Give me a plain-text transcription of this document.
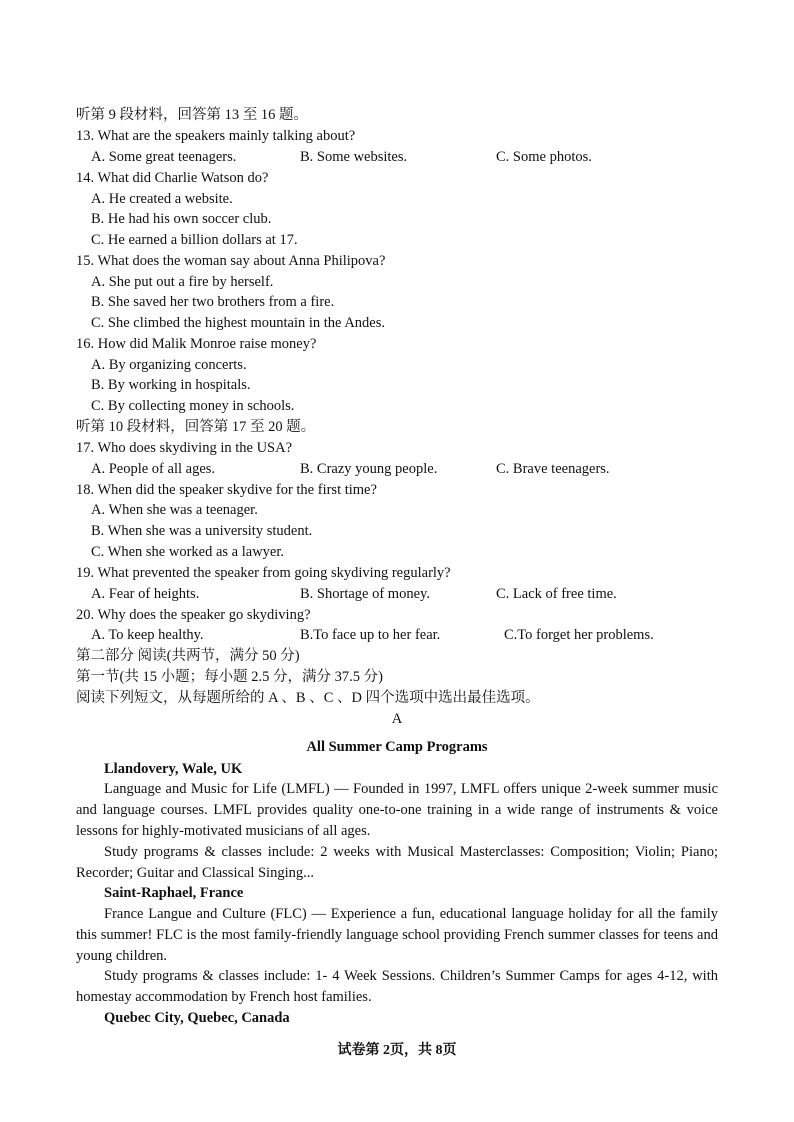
听第 9 段材料，回答第 13 至 16 题。
13. What are the speakers mainly talking about?
A. Some great teenagers.	B. Some websites.	C. Some photos.
14. What did Charlie Watson do?
A. He created a website.
B. He had his own soccer club.
C. He earned a billion dollars at 17.
15. What does the woman say about Anna Philipova?
A. She put out a fire by herself.
B. She saved her two brothers from a fire.
C. She climbed the highest mountain in the Andes.
16. How did Malik Monroe raise money?
A. By organizing concerts.
B. By working in hospitals.
C. By collecting money in schools.
听第 10 段材料，回答第 17 至 20 题。
17. Who does skydiving in the USA?
A. People of all ages.	B. Crazy young people.	C. Brave teenagers.
18. When did the speaker skydive for the first time?
A. When she was a teenager.
B. When she was a university student.
C. When she worked as a lawyer.
19. What prevented the speaker from going skydiving regularly?
A. Fear of heights.	B. Shortage of money.	C. Lack of free time.
20. Why does the speaker go skydiving?
A. To keep healthy.	B.To face up to her fear.	C.To forget her problems.
第二部分 阅读(共两节，满分 50 分)
第一节(共 15 小题；每小题 2.5 分，满分 37.5 分)
阅读下列短文，从每题所给的 A 、B 、C 、D 四个选项中选出最佳选项。
A
All Summer Camp Programs
Llandovery, Wale, UK

Language and Music for Life (LMFL) — Founded in 1997, LMFL offers unique 2-week summer music and language courses. LMFL provides quality one-to-one training in a wide range of instruments & voice lessons for highly-motivated musicians of all ages.

Study programs & classes include: 2 weeks with Musical Masterclasses: Composition; Violin; Piano; Recorder; Guitar and Classical Singing...

Saint-Raphael, France

France Langue and Culture (FLC) — Experience a fun, educational language holiday for all the family this summer! FLC is the most family-friendly language school providing French summer classes for teens and young children.

Study programs & classes include: 1- 4 Week Sessions. Children’s Summer Camps for ages 4-12, with homestay accommodation by French host families.

Quebec City, Quebec, Canada
试卷第 2页，共 8页
